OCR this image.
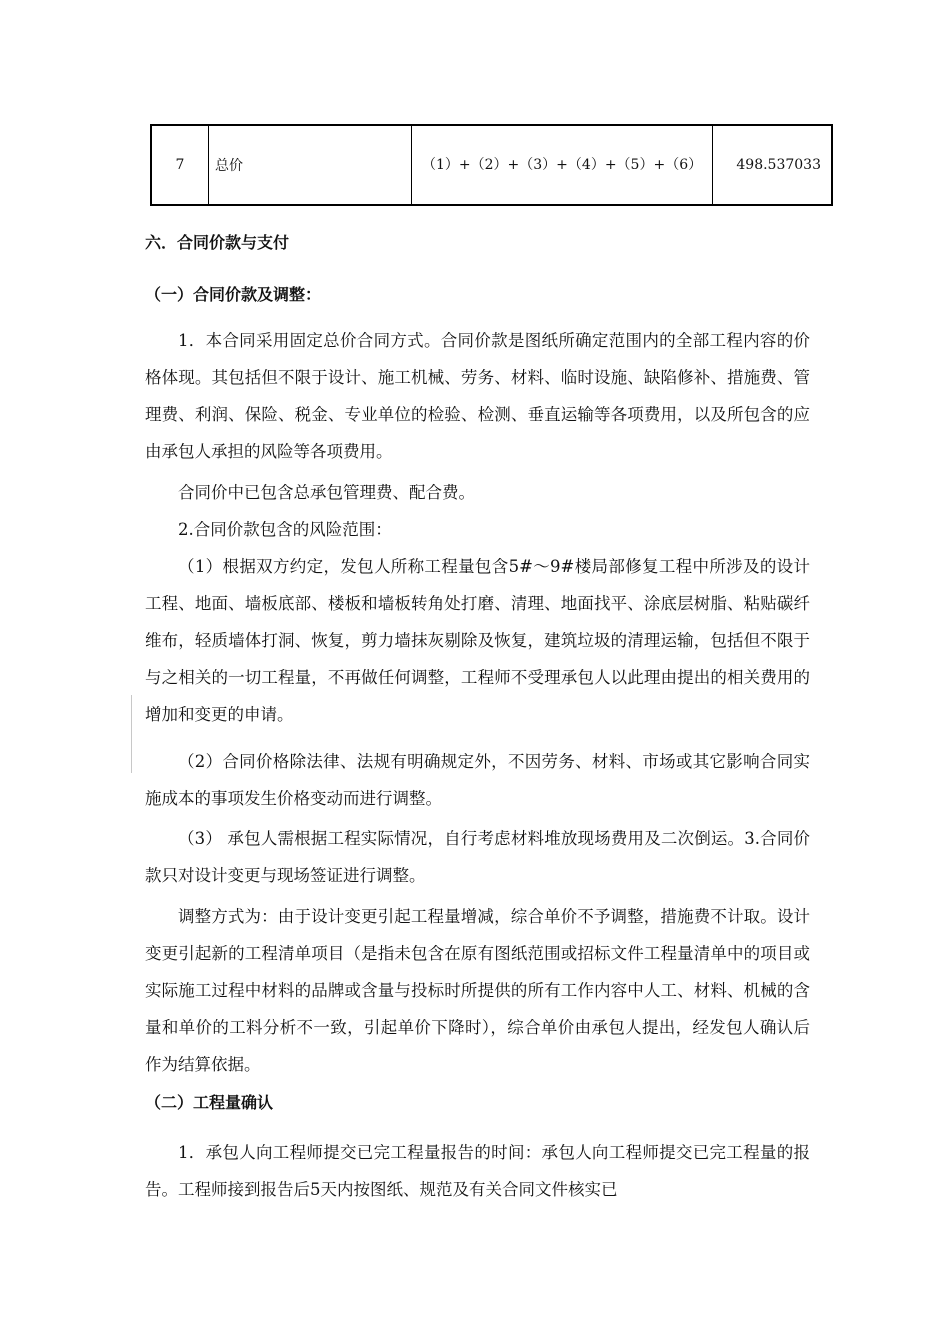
7	总价	（1）+（2）+（3）+（4）+（5）+（6）	498.537033
六．合同价款与支付
（一）合同价款及调整：
1．本合同采用固定总价合同方式。合同价款是图纸所确定范围内的全部工程内容的价格体现。其包括但不限于设计、施工机械、劳务、材料、临时设施、缺陷修补、措施费、管理费、利润、保险、税金、专业单位的检验、检测、垂直运输等各项费用，以及所包含的应由承包人承担的风险等各项费用。
合同价中已包含总承包管理费、配合费。
2.合同价款包含的风险范围：
（1）根据双方约定，发包人所称工程量包含5#～9#楼局部修复工程中所涉及的设计工程、地面、墙板底部、楼板和墙板转角处打磨、清理、地面找平、涂底层树脂、粘贴碳纤维布，轻质墙体打洞、恢复，剪力墙抹灰剔除及恢复，建筑垃圾的清理运输，包括但不限于与之相关的一切工程量，不再做任何调整，工程师不受理承包人以此理由提出的相关费用的增加和变更的申请。
（2）合同价格除法律、法规有明确规定外，不因劳务、材料、市场或其它影响合同实施成本的事项发生价格变动而进行调整。
（3） 承包人需根据工程实际情况，自行考虑材料堆放现场费用及二次倒运。3.合同价款只对设计变更与现场签证进行调整。
调整方式为：由于设计变更引起工程量增减，综合单价不予调整，措施费不计取。设计变更引起新的工程清单项目（是指未包含在原有图纸范围或招标文件工程量清单中的项目或实际施工过程中材料的品牌或含量与投标时所提供的所有工作内容中人工、材料、机械的含量和单价的工料分析不一致，引起单价下降时），综合单价由承包人提出，经发包人确认后作为结算依据。
（二）工程量确认
1．承包人向工程师提交已完工程量报告的时间：承包人向工程师提交已完工程量的报告。工程师接到报告后5天内按图纸、规范及有关合同文件核实已
